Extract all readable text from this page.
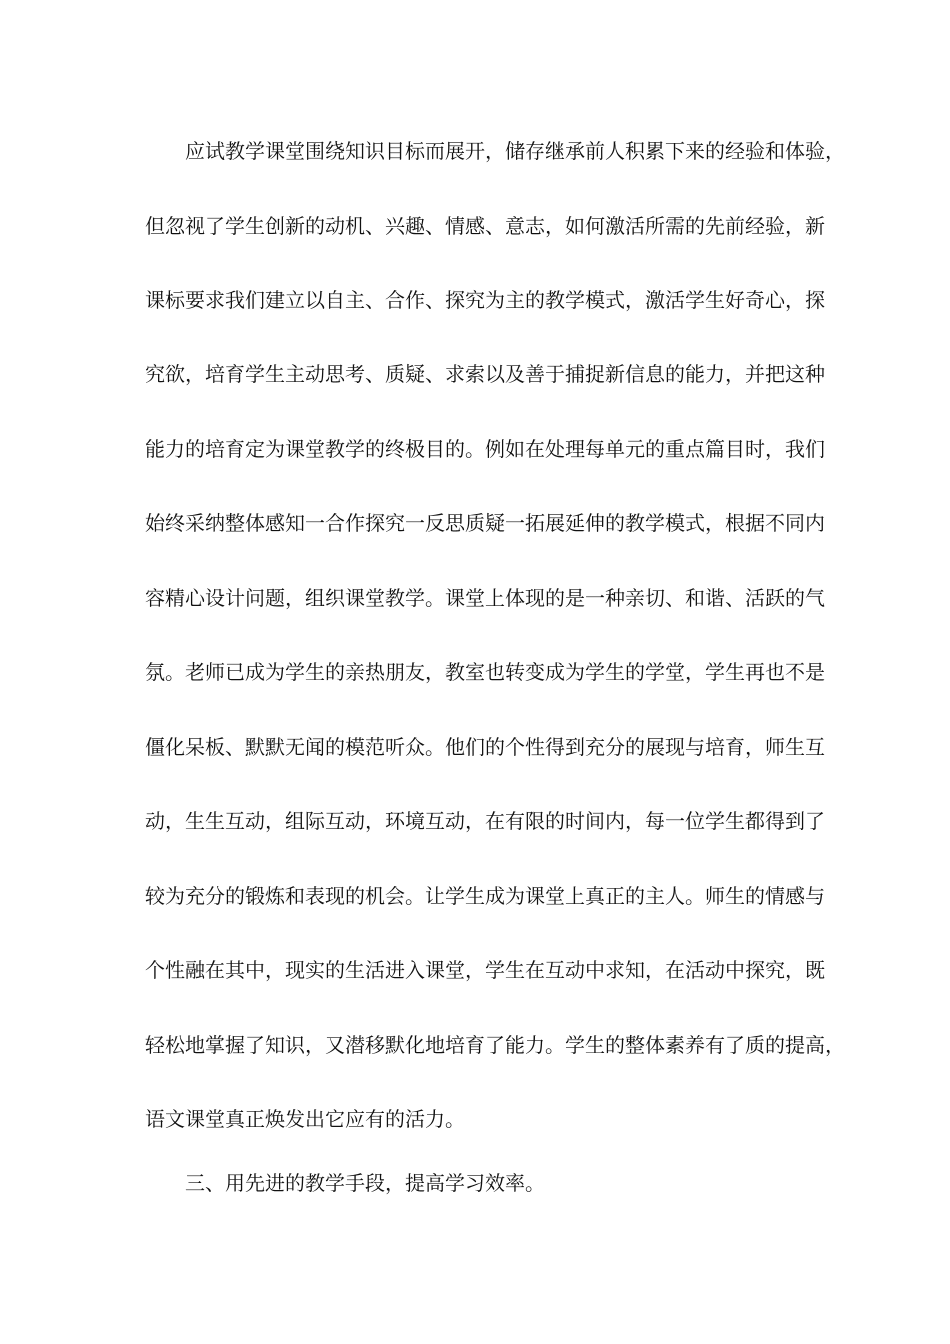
应试教学课堂围绕知识目标而展开，储存继承前人积累下来的经验和体验，
但忽视了学生创新的动机、兴趣、情感、意志，如何激活所需的先前经验，新
课标要求我们建立以自主、合作、探究为主的教学模式，激活学生好奇心，探
究欲，培育学生主动思考、质疑、求索以及善于捕捉新信息的能力，并把这种
能力的培育定为课堂教学的终极目的。例如在处理每单元的重点篇目时，我们
始终采纳整体感知一合作探究一反思质疑一拓展延伸的教学模式，根据不同内
容精心设计问题，组织课堂教学。课堂上体现的是一种亲切、和谐、活跃的气
氛。老师已成为学生的亲热朋友，教室也转变成为学生的学堂，学生再也不是
僵化呆板、默默无闻的模范听众。他们的个性得到充分的展现与培育，师生互
动，生生互动，组际互动，环境互动，在有限的时间内，每一位学生都得到了
较为充分的锻炼和表现的机会。让学生成为课堂上真正的主人。师生的情感与
个性融在其中，现实的生活进入课堂，学生在互动中求知，在活动中探究，既
轻松地掌握了知识，又潜移默化地培育了能力。学生的整体素养有了质的提高，
语文课堂真正焕发出它应有的活力。
三、用先进的教学手段，提高学习效率。
